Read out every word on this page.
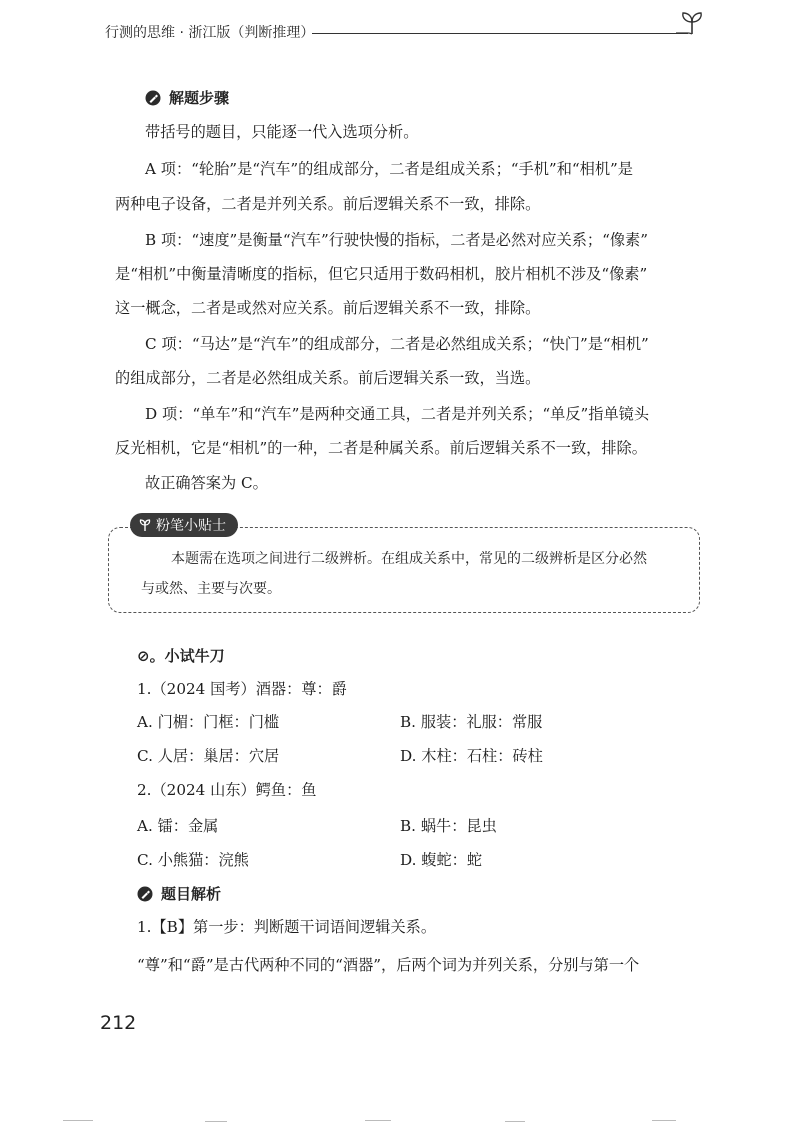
行测的思维 · 浙江版（判断推理）
解题步骤
带括号的题目，只能逐一代入选项分析。
A 项：“轮胎”是“汽车”的组成部分，二者是组成关系；“手机”和“相机”是
两种电子设备，二者是并列关系。前后逻辑关系不一致，排除。
B 项：“速度”是衡量“汽车”行驶快慢的指标，二者是必然对应关系；“像素”
是“相机”中衡量清晰度的指标，但它只适用于数码相机，胶片相机不涉及“像素”
这一概念，二者是或然对应关系。前后逻辑关系不一致，排除。
C 项：“马达”是“汽车”的组成部分，二者是必然组成关系；“快门”是“相机”
的组成部分，二者是必然组成关系。前后逻辑关系一致，当选。
D 项：“单车”和“汽车”是两种交通工具，二者是并列关系；“单反”指单镜头
反光相机，它是“相机”的一种，二者是种属关系。前后逻辑关系不一致，排除。
故正确答案为 C。
粉笔小贴士
本题需在选项之间进行二级辨析。在组成关系中，常见的二级辨析是区分必然
与或然、主要与次要。
⊘。小试牛刀
1.（2024 国考）酒器：尊：爵
A. 门楣：门框：门槛	B. 服装：礼服：常服
C. 人居：巢居：穴居	D. 木柱：石柱：砖柱
2.（2024 山东）鳄鱼：鱼
A. 镭：金属	B. 蜗牛：昆虫
C. 小熊猫：浣熊	D. 蝮蛇：蛇
题目解析
1.【B】第一步：判断题干词语间逻辑关系。
“尊”和“爵”是古代两种不同的“酒器”，后两个词为并列关系，分别与第一个
212
